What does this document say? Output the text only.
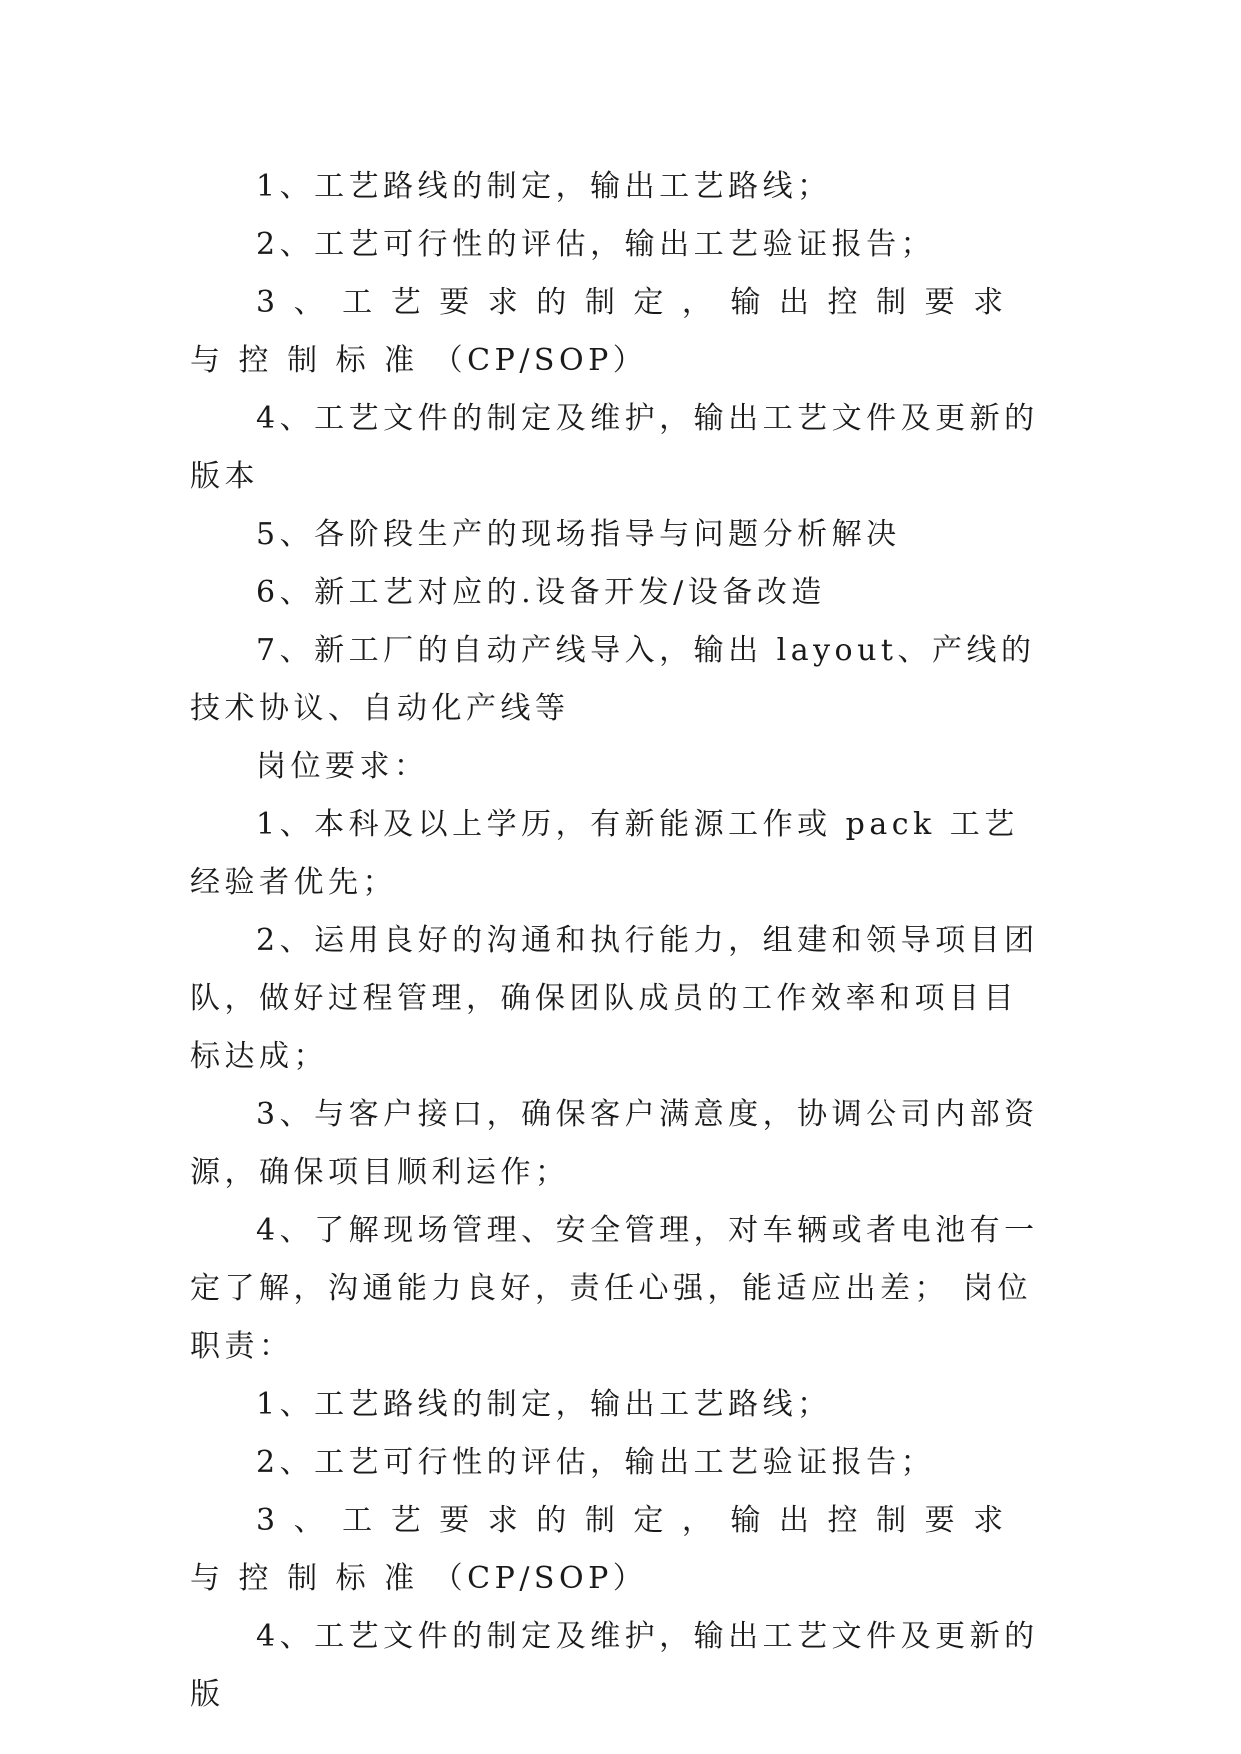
1、工艺路线的制定，输出工艺路线；

2、工艺可行性的评估，输出工艺验证报告；

3 、 工 艺 要 求 的 制 定 ， 输 出 控 制 要 求 与 控 制 标 准 （CP/SOP）

4、工艺文件的制定及维护，输出工艺文件及更新的版本

5、各阶段生产的现场指导与问题分析解决

6、新工艺对应的.设备开发/设备改造

7、新工厂的自动产线导入，输出 layout、产线的技术协议、自动化产线等

岗位要求：

1、本科及以上学历，有新能源工作或 pack 工艺经验者优先；

2、运用良好的沟通和执行能力，组建和领导项目团队，做好过程管理，确保团队成员的工作效率和项目目标达成；

3、与客户接口，确保客户满意度，协调公司内部资源，确保项目顺利运作；

4、了解现场管理、安全管理，对车辆或者电池有一定了解，沟通能力良好，责任心强，能适应出差； 岗位职责：

1、工艺路线的制定，输出工艺路线；

2、工艺可行性的评估，输出工艺验证报告；

3 、 工 艺 要 求 的 制 定 ， 输 出 控 制 要 求 与 控 制 标 准 （CP/SOP）

4、工艺文件的制定及维护，输出工艺文件及更新的版
